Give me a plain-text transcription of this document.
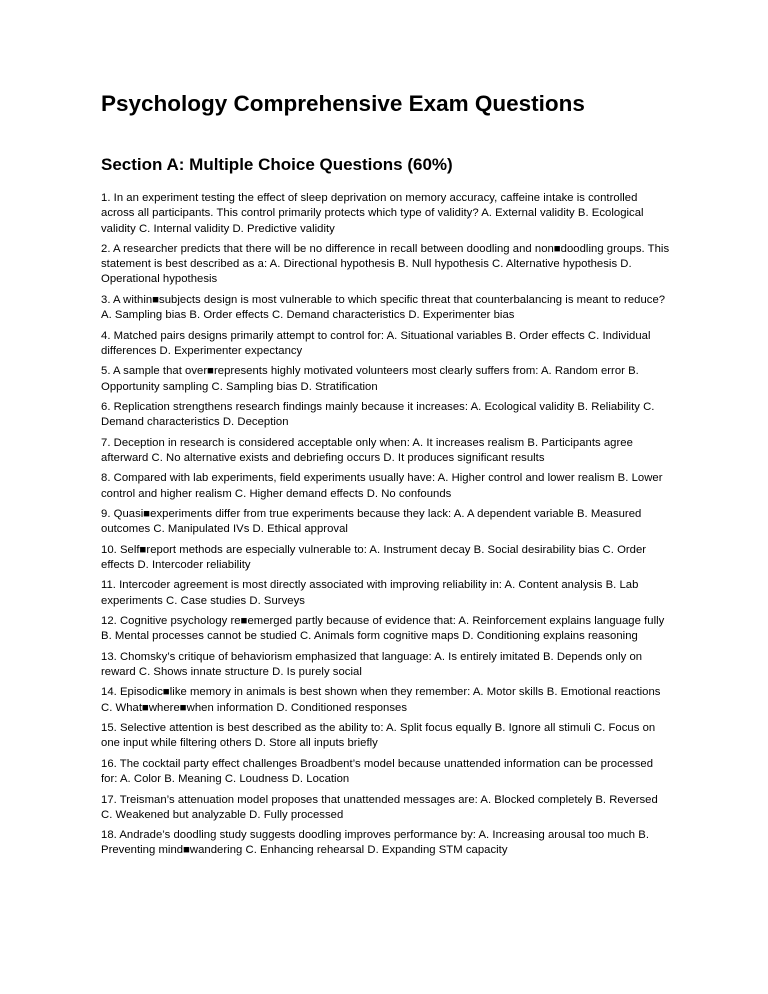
Psychology Comprehensive Exam Questions
Section A: Multiple Choice Questions (60%)

1. In an experiment testing the effect of sleep deprivation on memory accuracy, caffeine intake is controlled across all participants. This control primarily protects which type of validity? A. External validity B. Ecological validity C. Internal validity D. Predictive validity

2. A researcher predicts that there will be no difference in recall between doodling and non■doodling groups. This statement is best described as a: A. Directional hypothesis B. Null hypothesis C. Alternative hypothesis D. Operational hypothesis

3. A within■subjects design is most vulnerable to which specific threat that counterbalancing is meant to reduce? A. Sampling bias B. Order effects C. Demand characteristics D. Experimenter bias

4. Matched pairs designs primarily attempt to control for: A. Situational variables B. Order effects C. Individual differences D. Experimenter expectancy

5. A sample that over■represents highly motivated volunteers most clearly suffers from: A. Random error B. Opportunity sampling C. Sampling bias D. Stratification

6. Replication strengthens research findings mainly because it increases: A. Ecological validity B. Reliability C. Demand characteristics D. Deception

7. Deception in research is considered acceptable only when: A. It increases realism B. Participants agree afterward C. No alternative exists and debriefing occurs D. It produces significant results

8. Compared with lab experiments, field experiments usually have: A. Higher control and lower realism B. Lower control and higher realism C. Higher demand effects D. No confounds

9. Quasi■experiments differ from true experiments because they lack: A. A dependent variable B. Measured outcomes C. Manipulated IVs D. Ethical approval

10. Self■report methods are especially vulnerable to: A. Instrument decay B. Social desirability bias C. Order effects D. Intercoder reliability

11. Intercoder agreement is most directly associated with improving reliability in: A. Content analysis B. Lab experiments C. Case studies D. Surveys

12. Cognitive psychology re■emerged partly because of evidence that: A. Reinforcement explains language fully B. Mental processes cannot be studied C. Animals form cognitive maps D. Conditioning explains reasoning

13. Chomsky’s critique of behaviorism emphasized that language: A. Is entirely imitated B. Depends only on reward C. Shows innate structure D. Is purely social

14. Episodic■like memory in animals is best shown when they remember: A. Motor skills B. Emotional reactions C. What■where■when information D. Conditioned responses

15. Selective attention is best described as the ability to: A. Split focus equally B. Ignore all stimuli C. Focus on one input while filtering others D. Store all inputs briefly

16. The cocktail party effect challenges Broadbent’s model because unattended information can be processed for: A. Color B. Meaning C. Loudness D. Location

17. Treisman’s attenuation model proposes that unattended messages are: A. Blocked completely B. Reversed C. Weakened but analyzable D. Fully processed

18. Andrade’s doodling study suggests doodling improves performance by: A. Increasing arousal too much B. Preventing mind■wandering C. Enhancing rehearsal D. Expanding STM capacity
